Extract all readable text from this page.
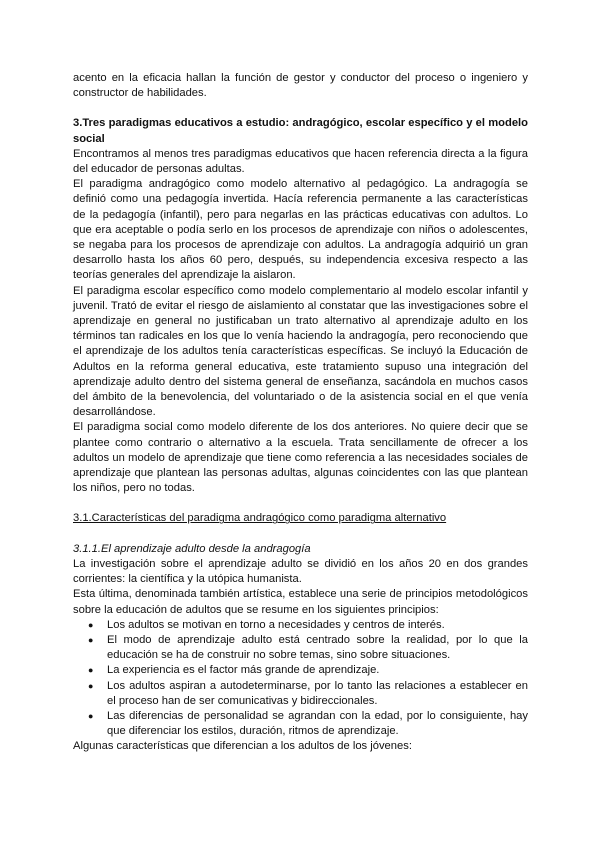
acento en la eficacia hallan la función de gestor y conductor del proceso o ingeniero y constructor de habilidades.

3.Tres paradigmas educativos a estudio: andragógico, escolar específico y el modelo social

Encontramos al menos tres paradigmas educativos que hacen referencia directa a la figura del educador de personas adultas.

El paradigma andragógico como modelo alternativo al pedagógico. La andragogía se definió como una pedagogía invertida. Hacía referencia permanente a las características de la pedagogía (infantil), pero para negarlas en las prácticas educativas con adultos. Lo que era aceptable o podía serlo en los procesos de aprendizaje con niños o adolescentes, se negaba para los procesos de aprendizaje con adultos. La andragogía adquirió un gran desarrollo hasta los años 60 pero, después, su independencia excesiva respecto a las teorías generales del aprendizaje la aislaron.

El paradigma escolar específico como modelo complementario al modelo escolar infantil y juvenil. Trató de evitar el riesgo de aislamiento al constatar que las investigaciones sobre el aprendizaje en general no justificaban un trato alternativo al aprendizaje adulto en los términos tan radicales en los que lo venía haciendo la andragogía, pero reconociendo que el aprendizaje de los adultos tenía características específicas. Se incluyó la Educación de Adultos en la reforma general educativa, este tratamiento supuso una integración del aprendizaje adulto dentro del sistema general de enseñanza, sacándola en muchos casos del ámbito de la benevolencia, del voluntariado o de la asistencia social en el que venía desarrollándose.

El paradigma social como modelo diferente de los dos anteriores. No quiere decir que se plantee como contrario o alternativo a la escuela. Trata sencillamente de ofrecer a los adultos un modelo de aprendizaje que tiene como referencia a las necesidades sociales de aprendizaje que plantean las personas adultas, algunas coincidentes con las que plantean los niños, pero no todas.

3.1.Características del paradigma andragógico como paradigma alternativo

3.1.1.El aprendizaje adulto desde la andragogía

La investigación sobre el aprendizaje adulto se dividió en los años 20 en dos grandes corrientes: la científica y la utópica humanista.

Esta última, denominada también artística, establece una serie de principios metodológicos sobre la educación de adultos que se resume en los siguientes principios:

● Los adultos se motivan en torno a necesidades y centros de interés.
● El modo de aprendizaje adulto está centrado sobre la realidad, por lo que la educación se ha de construir no sobre temas, sino sobre situaciones.
● La experiencia es el factor más grande de aprendizaje.
● Los adultos aspiran a autodeterminarse, por lo tanto las relaciones a establecer en el proceso han de ser comunicativas y bidireccionales.
● Las diferencias de personalidad se agrandan con la edad, por lo consiguiente, hay que diferenciar los estilos, duración, ritmos de aprendizaje.

Algunas características que diferencian a los adultos de los jóvenes:
